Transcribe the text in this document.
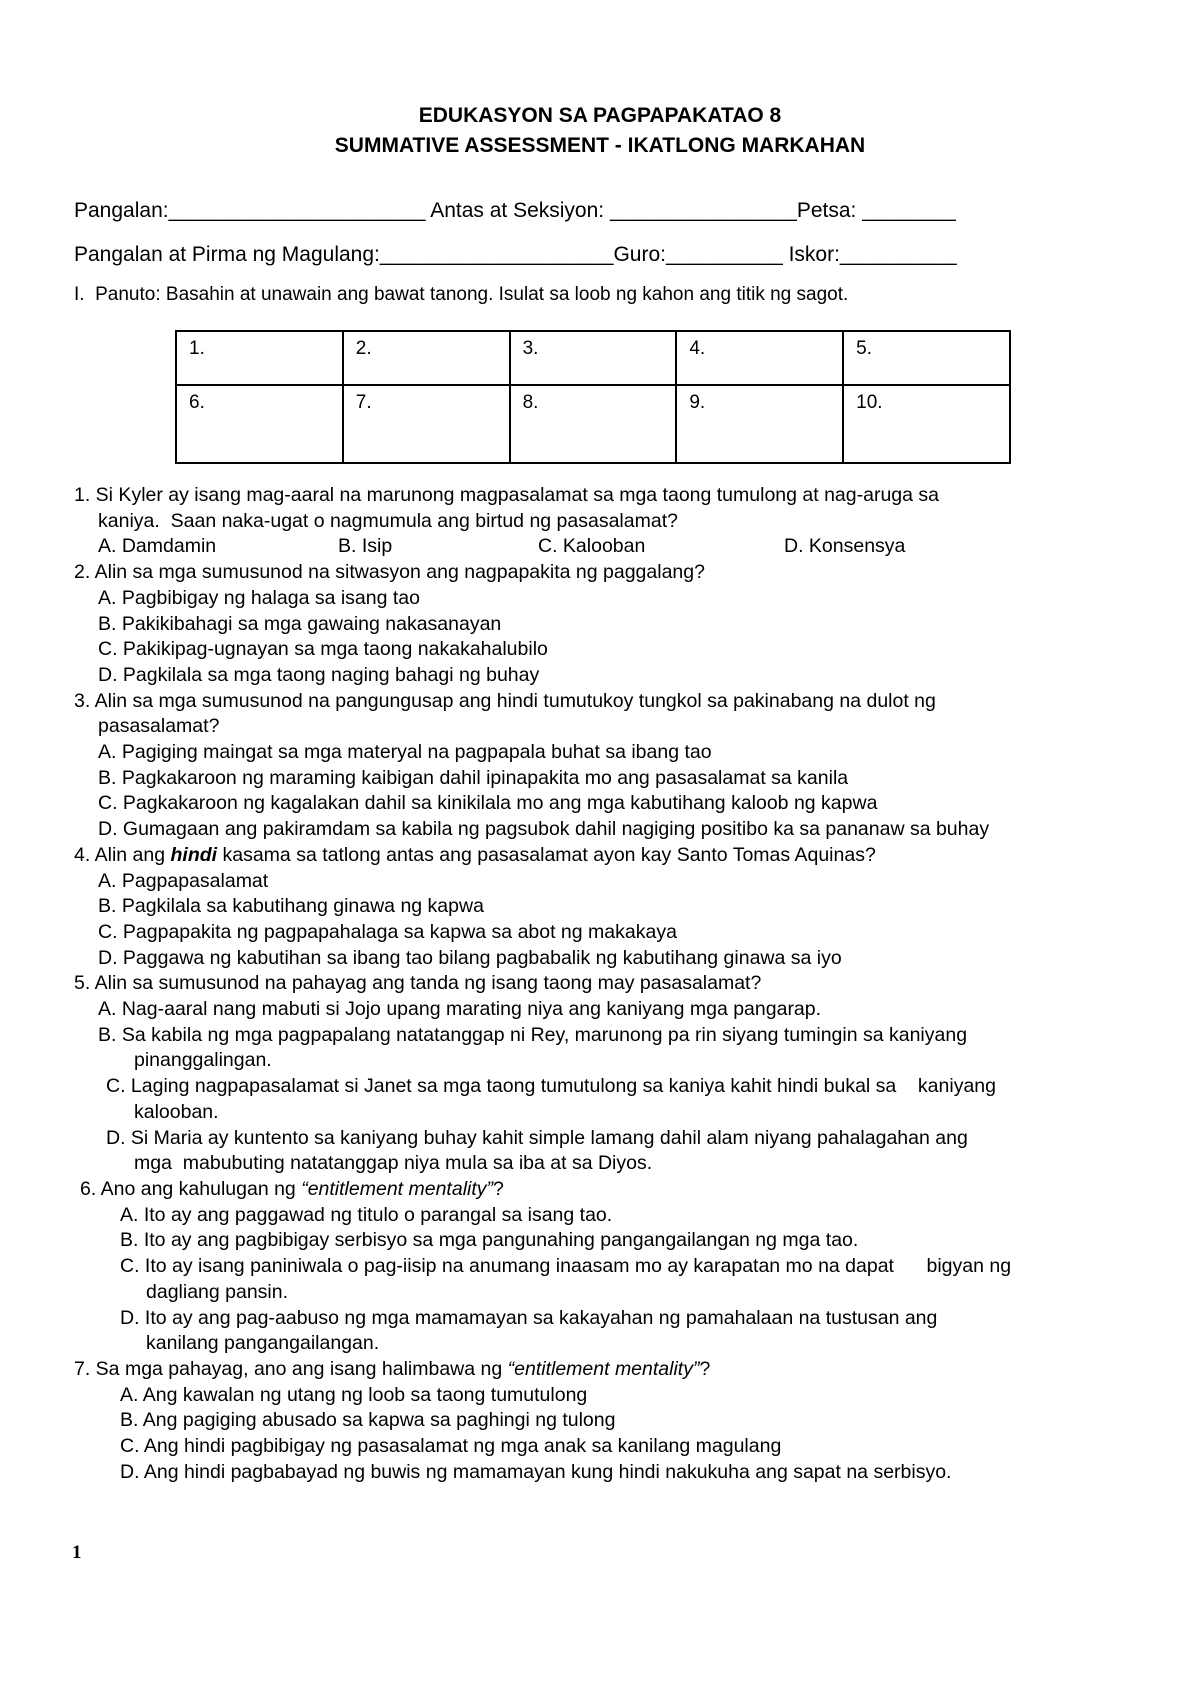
EDUKASYON SA PAGPAPAKATAO 8
SUMMATIVE ASSESSMENT - IKATLONG MARKAHAN
Pangalan:______________________ Antas at Seksiyon: ________________Petsa: ________
Pangalan at Pirma ng Magulang:____________________Guro:__________ Iskor:__________
I.  Panuto: Basahin at unawain ang bawat tanong. Isulat sa loob ng kahon ang titik ng sagot.
1.	2.	3.	4.	5.
6.	7.	8.	9.	10.

1. Si Kyler ay isang mag-aaral na marunong magpasalamat sa mga taong tumulong at nag-aruga sa

kaniya.  Saan naka-ugat o nagmumula ang birtud ng pasasalamat?

A. Damdamin	B. Isip	C. Kalooban	D. Konsensya

2. Alin sa mga sumusunod na sitwasyon ang nagpapakita ng paggalang?

A. Pagbibigay ng halaga sa isang tao

B. Pakikibahagi sa mga gawaing nakasanayan

C. Pakikipag-ugnayan sa mga taong nakakahalubilo

D. Pagkilala sa mga taong naging bahagi ng buhay

3. Alin sa mga sumusunod na pangungusap ang hindi tumutukoy tungkol sa pakinabang na dulot ng

pasasalamat?

A. Pagiging maingat sa mga materyal na pagpapala buhat sa ibang tao

B. Pagkakaroon ng maraming kaibigan dahil ipinapakita mo ang pasasalamat sa kanila

C. Pagkakaroon ng kagalakan dahil sa kinikilala mo ang mga kabutihang kaloob ng kapwa

D. Gumagaan ang pakiramdam sa kabila ng pagsubok dahil nagiging positibo ka sa pananaw sa buhay

4. Alin ang hindi kasama sa tatlong antas ang pasasalamat ayon kay Santo Tomas Aquinas?

A. Pagpapasalamat

B. Pagkilala sa kabutihang ginawa ng kapwa

C. Pagpapakita ng pagpapahalaga sa kapwa sa abot ng makakaya

D. Paggawa ng kabutihan sa ibang tao bilang pagbabalik ng kabutihang ginawa sa iyo

5. Alin sa sumusunod na pahayag ang tanda ng isang taong may pasasalamat?

A. Nag-aaral nang mabuti si Jojo upang marating niya ang kaniyang mga pangarap.

B. Sa kabila ng mga pagpapalang natatanggap ni Rey, marunong pa rin siyang tumingin sa kaniyang

pinanggalingan.

C. Laging nagpapasalamat si Janet sa mga taong tumutulong sa kaniya kahit hindi bukal sa    kaniyang

kalooban.

D. Si Maria ay kuntento sa kaniyang buhay kahit simple lamang dahil alam niyang pahalagahan ang

mga  mabubuting natatanggap niya mula sa iba at sa Diyos.

6. Ano ang kahulugan ng “entitlement mentality”?

A. Ito ay ang paggawad ng titulo o parangal sa isang tao.

B. Ito ay ang pagbibigay serbisyo sa mga pangunahing pangangailangan ng mga tao.

C. Ito ay isang paniniwala o pag-iisip na anumang inaasam mo ay karapatan mo na dapat      bigyan ng

dagliang pansin.

D. Ito ay ang pag-aabuso ng mga mamamayan sa kakayahan ng pamahalaan na tustusan ang

kanilang pangangailangan.

7. Sa mga pahayag, ano ang isang halimbawa ng “entitlement mentality”?

A. Ang kawalan ng utang ng loob sa taong tumutulong

B. Ang pagiging abusado sa kapwa sa paghingi ng tulong

C. Ang hindi pagbibigay ng pasasalamat ng mga anak sa kanilang magulang

D. Ang hindi pagbabayad ng buwis ng mamamayan kung hindi nakukuha ang sapat na serbisyo.

1
